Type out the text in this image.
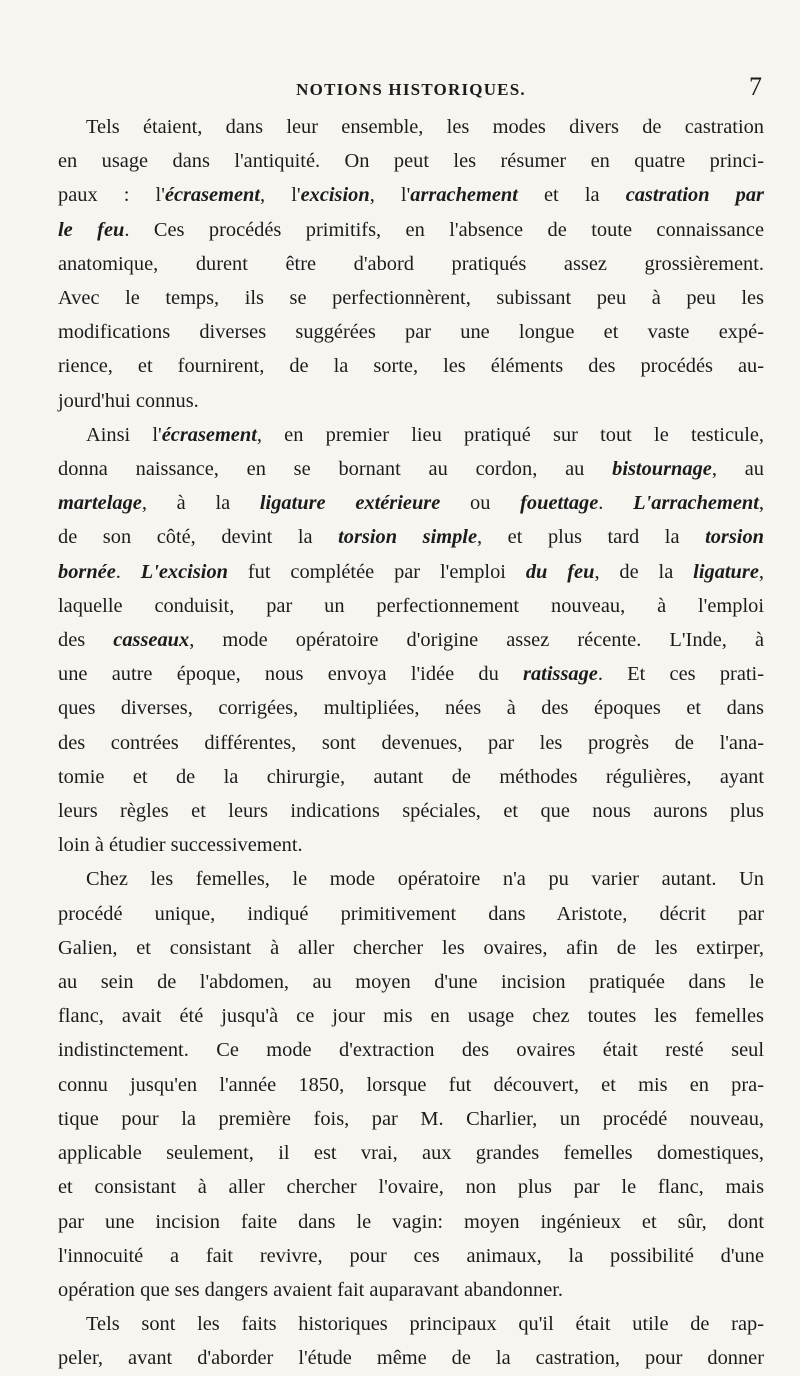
NOTIONS HISTORIQUES.	7
Tels étaient, dans leur ensemble, les modes divers de castration
en usage dans l'antiquité. On peut les résumer en quatre princi-
paux : l'écrasement, l'excision, l'arrachement et la castration par
le feu. Ces procédés primitifs, en l'absence de toute connaissance
anatomique, durent être d'abord pratiqués assez grossièrement.
Avec le temps, ils se perfectionnèrent, subissant peu à peu les
modifications diverses suggérées par une longue et vaste expé-
rience, et fournirent, de la sorte, les éléments des procédés au-
jourd'hui connus.
Ainsi l'écrasement, en premier lieu pratiqué sur tout le testicule,
donna naissance, en se bornant au cordon, au bistournage, au
martelage, à la ligature extérieure ou fouettage. L'arrachement,
de son côté, devint la torsion simple, et plus tard la torsion
bornée. L'excision fut complétée par l'emploi du feu, de la ligature,
laquelle conduisit, par un perfectionnement nouveau, à l'emploi
des casseaux, mode opératoire d'origine assez récente. L'Inde, à
une autre époque, nous envoya l'idée du ratissage. Et ces prati-
ques diverses, corrigées, multipliées, nées à des époques et dans
des contrées différentes, sont devenues, par les progrès de l'ana-
tomie et de la chirurgie, autant de méthodes régulières, ayant
leurs règles et leurs indications spéciales, et que nous aurons plus
loin à étudier successivement.
Chez les femelles, le mode opératoire n'a pu varier autant. Un
procédé unique, indiqué primitivement dans Aristote, décrit par
Galien, et consistant à aller chercher les ovaires, afin de les extirper,
au sein de l'abdomen, au moyen d'une incision pratiquée dans le
flanc, avait été jusqu'à ce jour mis en usage chez toutes les femelles
indistinctement. Ce mode d'extraction des ovaires était resté seul
connu jusqu'en l'année 1850, lorsque fut découvert, et mis en pra-
tique pour la première fois, par M. Charlier, un procédé nouveau,
applicable seulement, il est vrai, aux grandes femelles domestiques,
et consistant à aller chercher l'ovaire, non plus par le flanc, mais
par une incision faite dans le vagin: moyen ingénieux et sûr, dont
l'innocuité a fait revivre, pour ces animaux, la possibilité d'une
opération que ses dangers avaient fait auparavant abandonner.
Tels sont les faits historiques principaux qu'il était utile de rap-
peler, avant d'aborder l'étude même de la castration, pour donner
